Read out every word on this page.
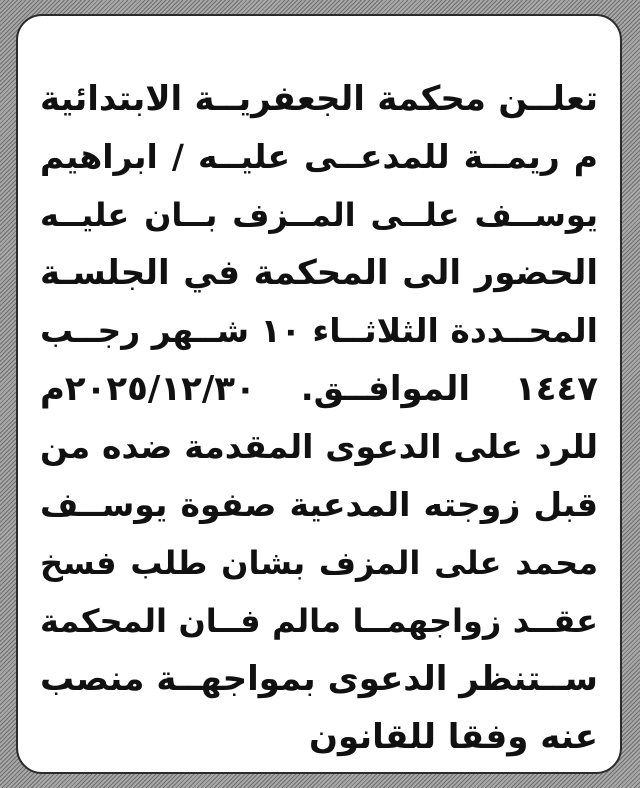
تعلــن محكمة الجعفريــة الابتدائية
م ريمــة للمدعــى عليــه / ابراهيم
يوســف علــى المــزف بــان عليــه
الحضور الى المحكمة في الجلسـة
المحــددة الثلاثــاء ١٠ شــهر رجــب
١٤٤٧ الموافــق. ٢٠٢٥/١٢/٣٠م
للرد على الدعوى المقدمة ضده من
قبل زوجته المدعية صفوة يوســف
محمد على المزف بشان طلب فسخ
عقــد زواجهمــا مالم فــان المحكمة
ســتنظر الدعوى بمواجهــة منصب
عنه وفقا للقانون
